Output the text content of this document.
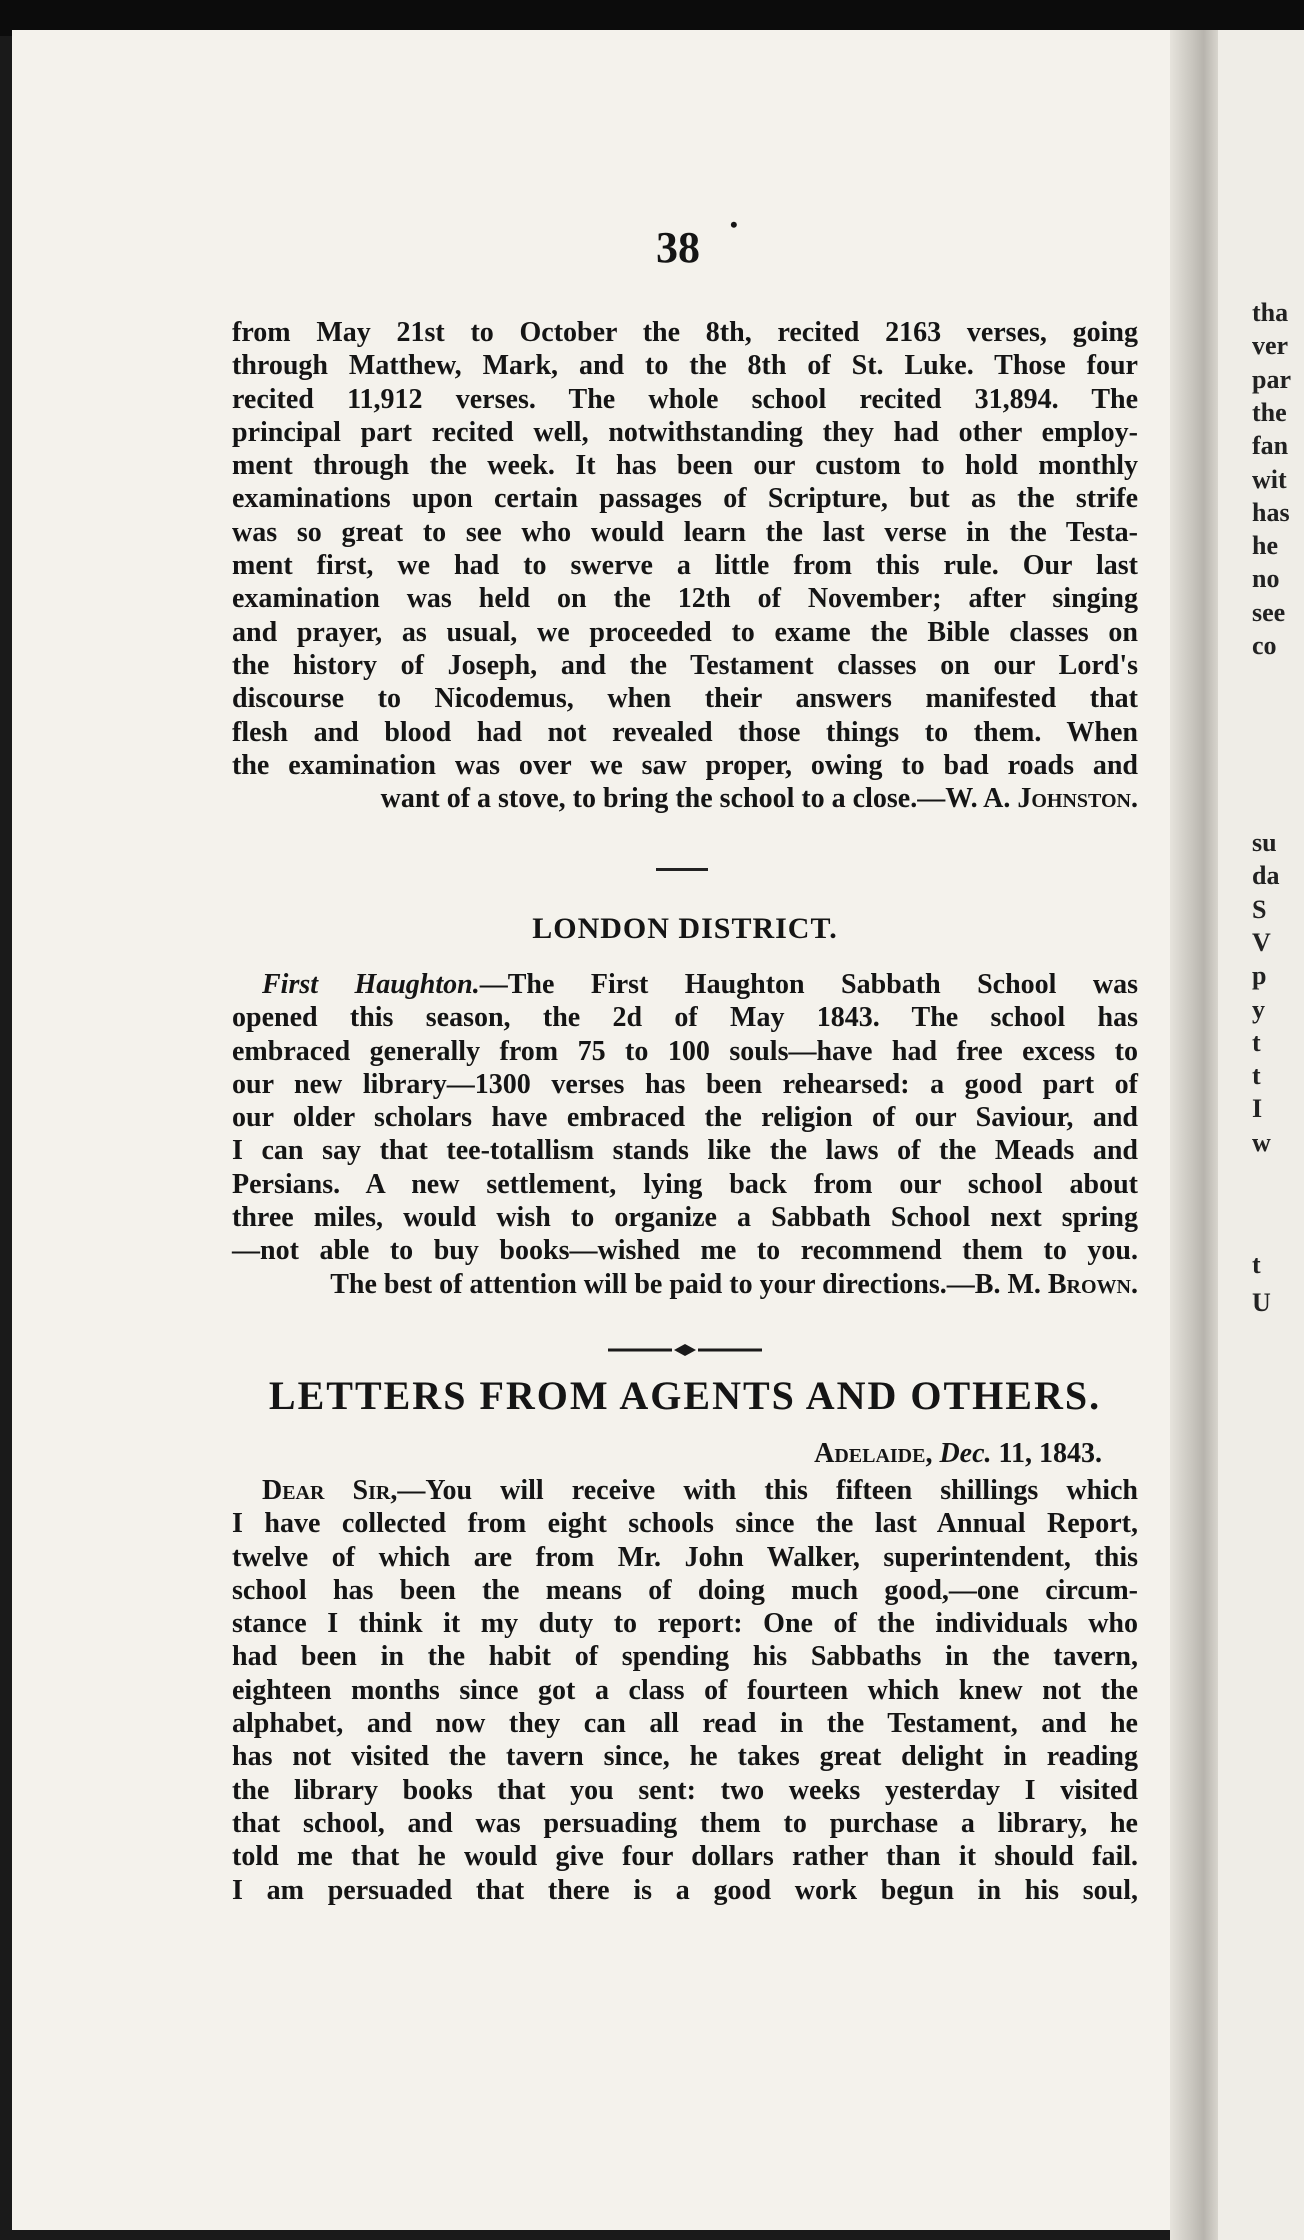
tha
ver
par
the
fan
wit
has
he
no
see
co
su
da
S
V
p
y
t
t
I
w
t
U
38 •
from May 21st to October the 8th, recited 2163 verses, going
through Matthew, Mark, and to the 8th of St. Luke. Those four
recited 11,912 verses. The whole school recited 31,894. The
principal part recited well, notwithstanding they had other employ-
ment through the week. It has been our custom to hold monthly
examinations upon certain passages of Scripture, but as the strife
was so great to see who would learn the last verse in the Testa-
ment first, we had to swerve a little from this rule. Our last
examination was held on the 12th of November; after singing
and prayer, as usual, we proceeded to exame the Bible classes on
the history of Joseph, and the Testament classes on our Lord's
discourse to Nicodemus, when their answers manifested that
flesh and blood had not revealed those things to them. When
the examination was over we saw proper, owing to bad roads and
want of a stove, to bring the school to a close.—W. A. Johnston.
LONDON DISTRICT.
First Haughton.—The First Haughton Sabbath School was
opened this season, the 2d of May 1843. The school has
embraced generally from 75 to 100 souls—have had free excess to
our new library—1300 verses has been rehearsed: a good part of
our older scholars have embraced the religion of our Saviour, and
I can say that tee-totallism stands like the laws of the Meads and
Persians. A new settlement, lying back from our school about
three miles, would wish to organize a Sabbath School next spring
—not able to buy books—wished me to recommend them to you.
The best of attention will be paid to your directions.—B. M. Brown.
LETTERS FROM AGENTS AND OTHERS.
Adelaide, Dec. 11, 1843.
Dear Sir,—You will receive with this fifteen shillings which
I have collected from eight schools since the last Annual Report,
twelve of which are from Mr. John Walker, superintendent, this
school has been the means of doing much good,—one circum-
stance I think it my duty to report: One of the individuals who
had been in the habit of spending his Sabbaths in the tavern,
eighteen months since got a class of fourteen which knew not the
alphabet, and now they can all read in the Testament, and he
has not visited the tavern since, he takes great delight in reading
the library books that you sent: two weeks yesterday I visited
that school, and was persuading them to purchase a library, he
told me that he would give four dollars rather than it should fail.
I am persuaded that there is a good work begun in his soul,
